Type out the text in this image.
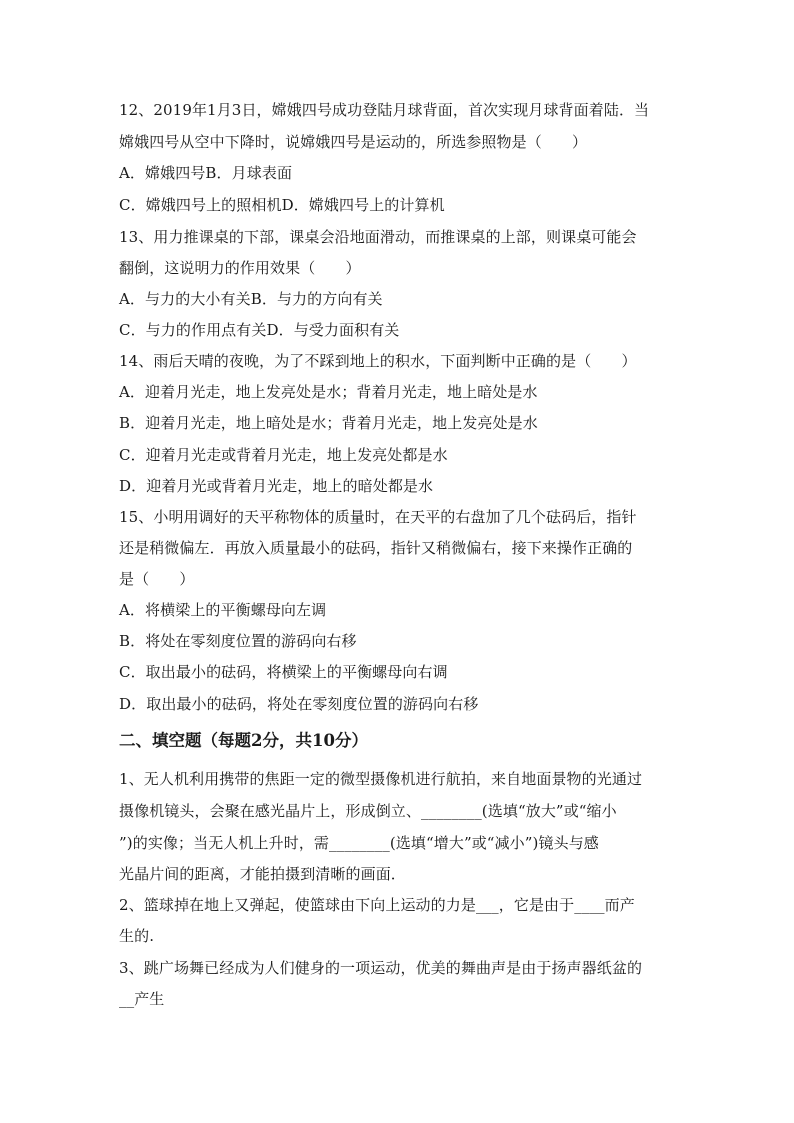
12、2019年1月3日，嫦娥四号成功登陆月球背面，首次实现月球背面着陆．当
嫦娥四号从空中下降时，说嫦娥四号是运动的，所选参照物是（　　）
A．嫦娥四号B．月球表面
C．嫦娥四号上的照相机D．嫦娥四号上的计算机
13、用力推课桌的下部，课桌会沿地面滑动，而推课桌的上部，则课桌可能会
翻倒，这说明力的作用效果（　　）
A．与力的大小有关B．与力的方向有关
C．与力的作用点有关D．与受力面积有关
14、雨后天晴的夜晚，为了不踩到地上的积水，下面判断中正确的是（　　）
A．迎着月光走，地上发亮处是水；背着月光走，地上暗处是水
B．迎着月光走，地上暗处是水；背着月光走，地上发亮处是水
C．迎着月光走或背着月光走，地上发亮处都是水
D．迎着月光或背着月光走，地上的暗处都是水
15、小明用调好的天平称物体的质量时，在天平的右盘加了几个砝码后，指针
还是稍微偏左．再放入质量最小的砝码，指针又稍微偏右，接下来操作正确的
是（　　）
A．将横梁上的平衡螺母向左调
B．将处在零刻度位置的游码向右移
C．取出最小的砝码，将横梁上的平衡螺母向右调
D．取出最小的砝码，将处在零刻度位置的游码向右移
二、填空题（每题2分，共10分）
1、无人机利用携带的焦距一定的微型摄像机进行航拍，来自地面景物的光通过
摄像机镜头，会聚在感光晶片上，形成倒立、________(选填“放大”或“缩小
”)的实像；当无人机上升时，需________(选填“增大”或“减小”)镜头与感
光晶片间的距离，才能拍摄到清晰的画面．
2、篮球掉在地上又弹起，使篮球由下向上运动的力是___，它是由于____而产
生的.
3、跳广场舞已经成为人们健身的一项运动，优美的舞曲声是由于扬声器纸盆的
__产生
